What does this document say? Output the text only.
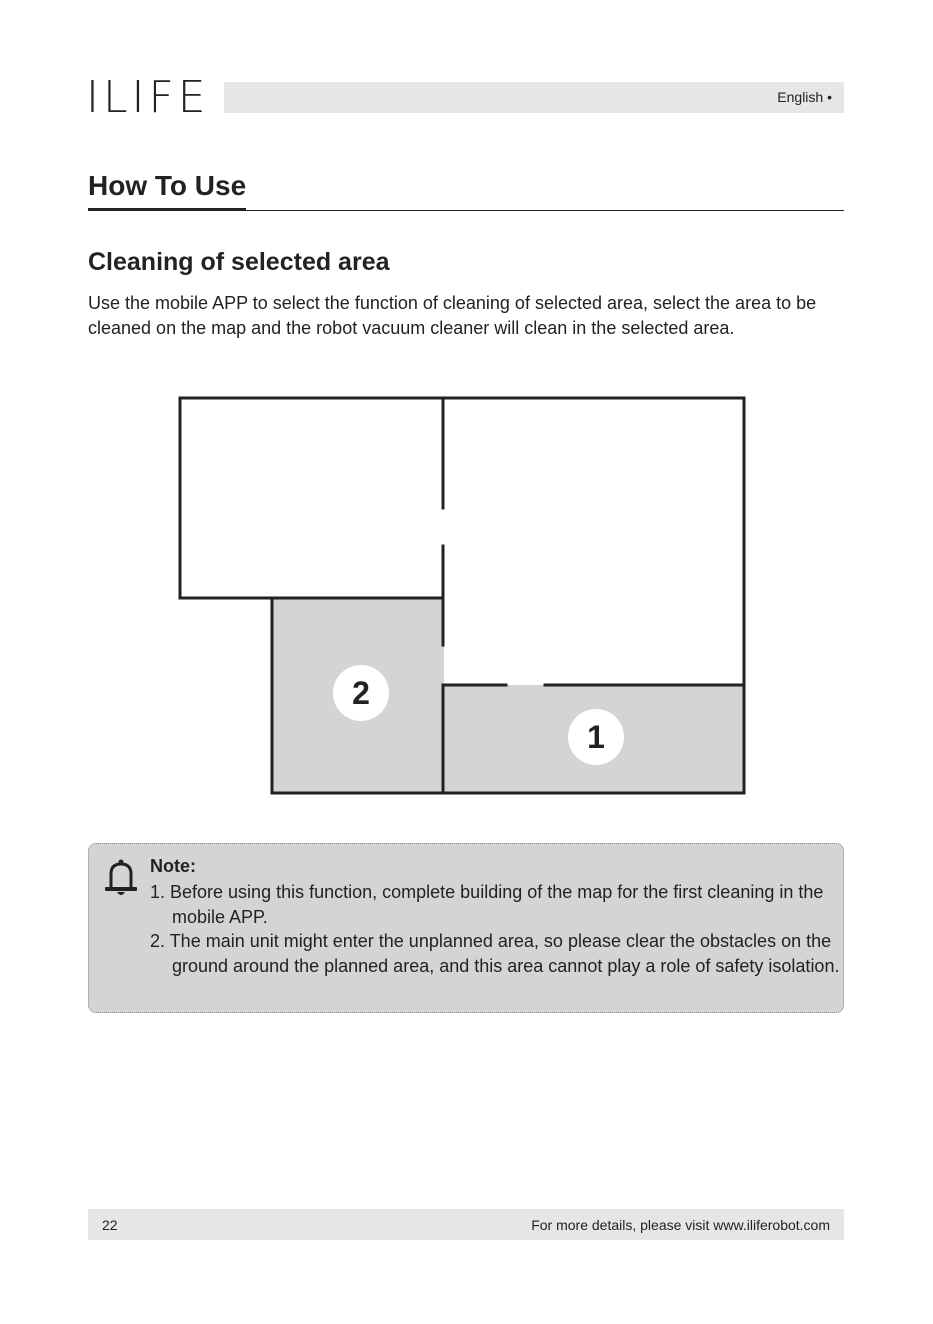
ILIFE	English •
How To Use
Cleaning of selected area

Use the mobile APP to select the function of cleaning of selected area, select the area to be cleaned on the map and the robot vacuum cleaner will clean in the selected area.

2
1
Note:
1. Before using this function, complete building of the map for the first cleaning in the mobile APP.
2. The main unit might enter the unplanned area, so please clear the obstacles on the ground around the planned area, and this area cannot play a role of safety isolation.
22	For more details, please visit www.iliferobot.com
